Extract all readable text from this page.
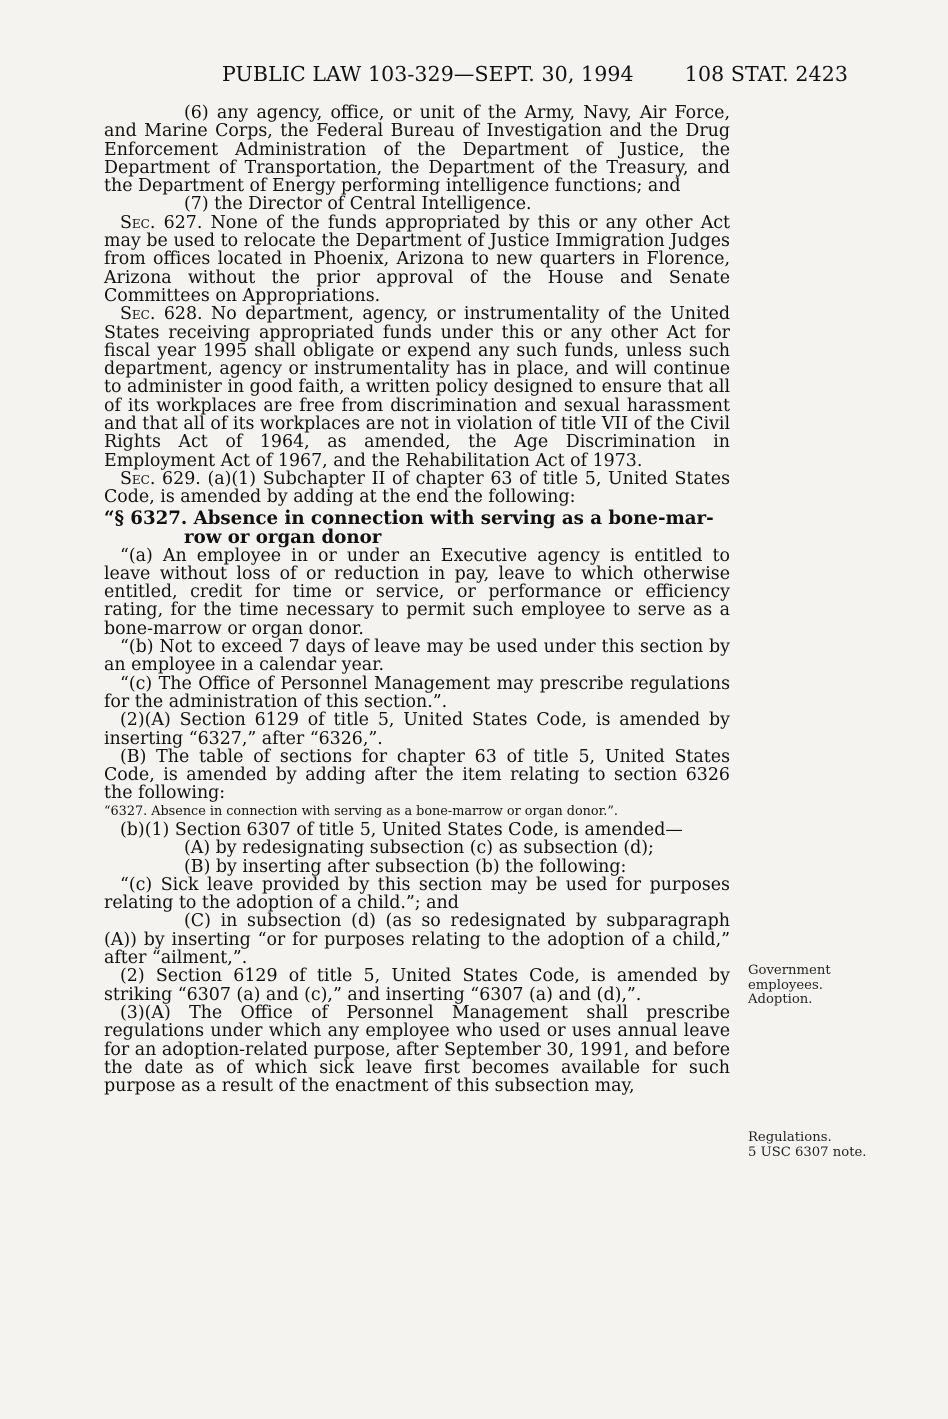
PUBLIC LAW 103-329—SEPT. 30, 1994 108 STAT. 2423

(6) any agency, office, or unit of the Army, Navy, Air Force, and Marine Corps, the Federal Bureau of Investigation and the Drug Enforcement Administration of the Department of Justice, the Department of Transportation, the Department of the Treasury, and the Department of Energy performing intelligence functions; and

(7) the Director of Central Intelligence.

Sec. 627. None of the funds appropriated by this or any other Act may be used to relocate the Department of Justice Immigration Judges from offices located in Phoenix, Arizona to new quarters in Florence, Arizona without the prior approval of the House and Senate Committees on Appropriations.

Sec. 628. No department, agency, or instrumentality of the United States receiving appropriated funds under this or any other Act for fiscal year 1995 shall obligate or expend any such funds, unless such department, agency or instrumentality has in place, and will continue to administer in good faith, a written policy designed to ensure that all of its workplaces are free from discrimination and sexual harassment and that all of its workplaces are not in violation of title VII of the Civil Rights Act of 1964, as amended, the Age Discrimination in Employment Act of 1967, and the Rehabilitation Act of 1973.

Sec. 629. (a)(1) Subchapter II of chapter 63 of title 5, United States Code, is amended by adding at the end the following:

“§ 6327. Absence in connection with serving as a bone-mar-
row or organ donor

“(a) An employee in or under an Executive agency is entitled to leave without loss of or reduction in pay, leave to which otherwise entitled, credit for time or service, or performance or efficiency rating, for the time necessary to permit such employee to serve as a bone-marrow or organ donor.

“(b) Not to exceed 7 days of leave may be used under this section by an employee in a calendar year.

“(c) The Office of Personnel Management may prescribe regulations for the administration of this section.”.

(2)(A) Section 6129 of title 5, United States Code, is amended by inserting “6327,” after “6326,”.

(B) The table of sections for chapter 63 of title 5, United States Code, is amended by adding after the item relating to section 6326 the following:

“6327. Absence in connection with serving as a bone-marrow or organ donor.”.

(b)(1) Section 6307 of title 5, United States Code, is amended—

(A) by redesignating subsection (c) as subsection (d);

(B) by inserting after subsection (b) the following:

“(c) Sick leave provided by this section may be used for purposes relating to the adoption of a child.”; and

(C) in subsection (d) (as so redesignated by subparagraph (A)) by inserting “or for purposes relating to the adoption of a child,” after “ailment,”.

(2) Section 6129 of title 5, United States Code, is amended by striking “6307 (a) and (c),” and inserting “6307 (a) and (d),”.

(3)(A) The Office of Personnel Management shall prescribe regulations under which any employee who used or uses annual leave for an adoption-related purpose, after September 30, 1991, and before the date as of which sick leave first becomes available for such purpose as a result of the enactment of this subsection may,

Government
employees.
Adoption.
Regulations.
5 USC 6307 note.
